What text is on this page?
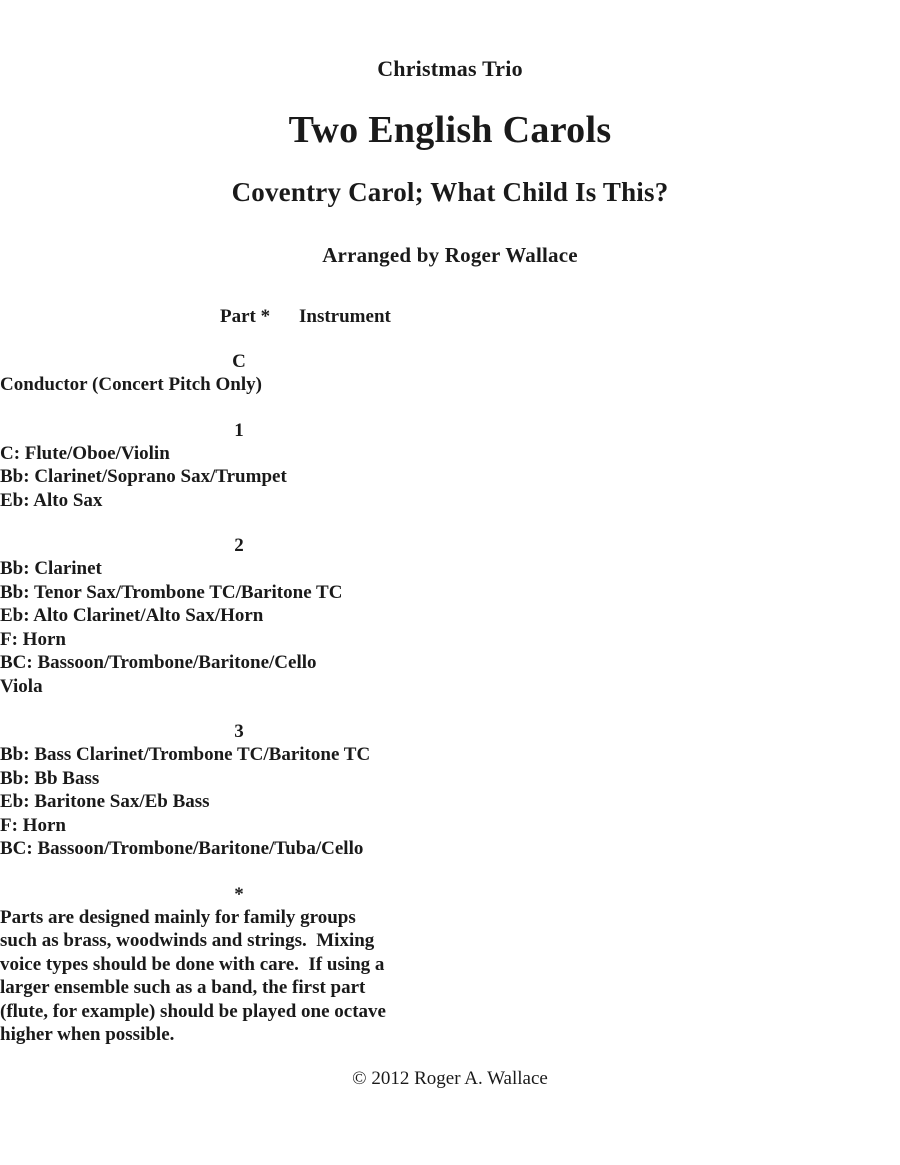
Christmas Trio
Two English Carols
Coventry Carol; What Child Is This?
Arranged by Roger Wallace
Part *	Instrument
C
Conductor (Concert Pitch Only)
1
C: Flute/Oboe/Violin
Bb: Clarinet/Soprano Sax/Trumpet
Eb: Alto Sax
2
Bb: Clarinet
Bb: Tenor Sax/Trombone TC/Baritone TC
Eb: Alto Clarinet/Alto Sax/Horn
F: Horn
BC: Bassoon/Trombone/Baritone/Cello
Viola
3
Bb: Bass Clarinet/Trombone TC/Baritone TC
Bb: Bb Bass
Eb: Baritone Sax/Eb Bass
F: Horn
BC: Bassoon/Trombone/Baritone/Tuba/Cello
*
Parts are designed mainly for family groups
such as brass, woodwinds and strings.  Mixing
voice types should be done with care.  If using a
larger ensemble such as a band, the first part
(flute, for example) should be played one octave
higher when possible.
© 2012 Roger A. Wallace
